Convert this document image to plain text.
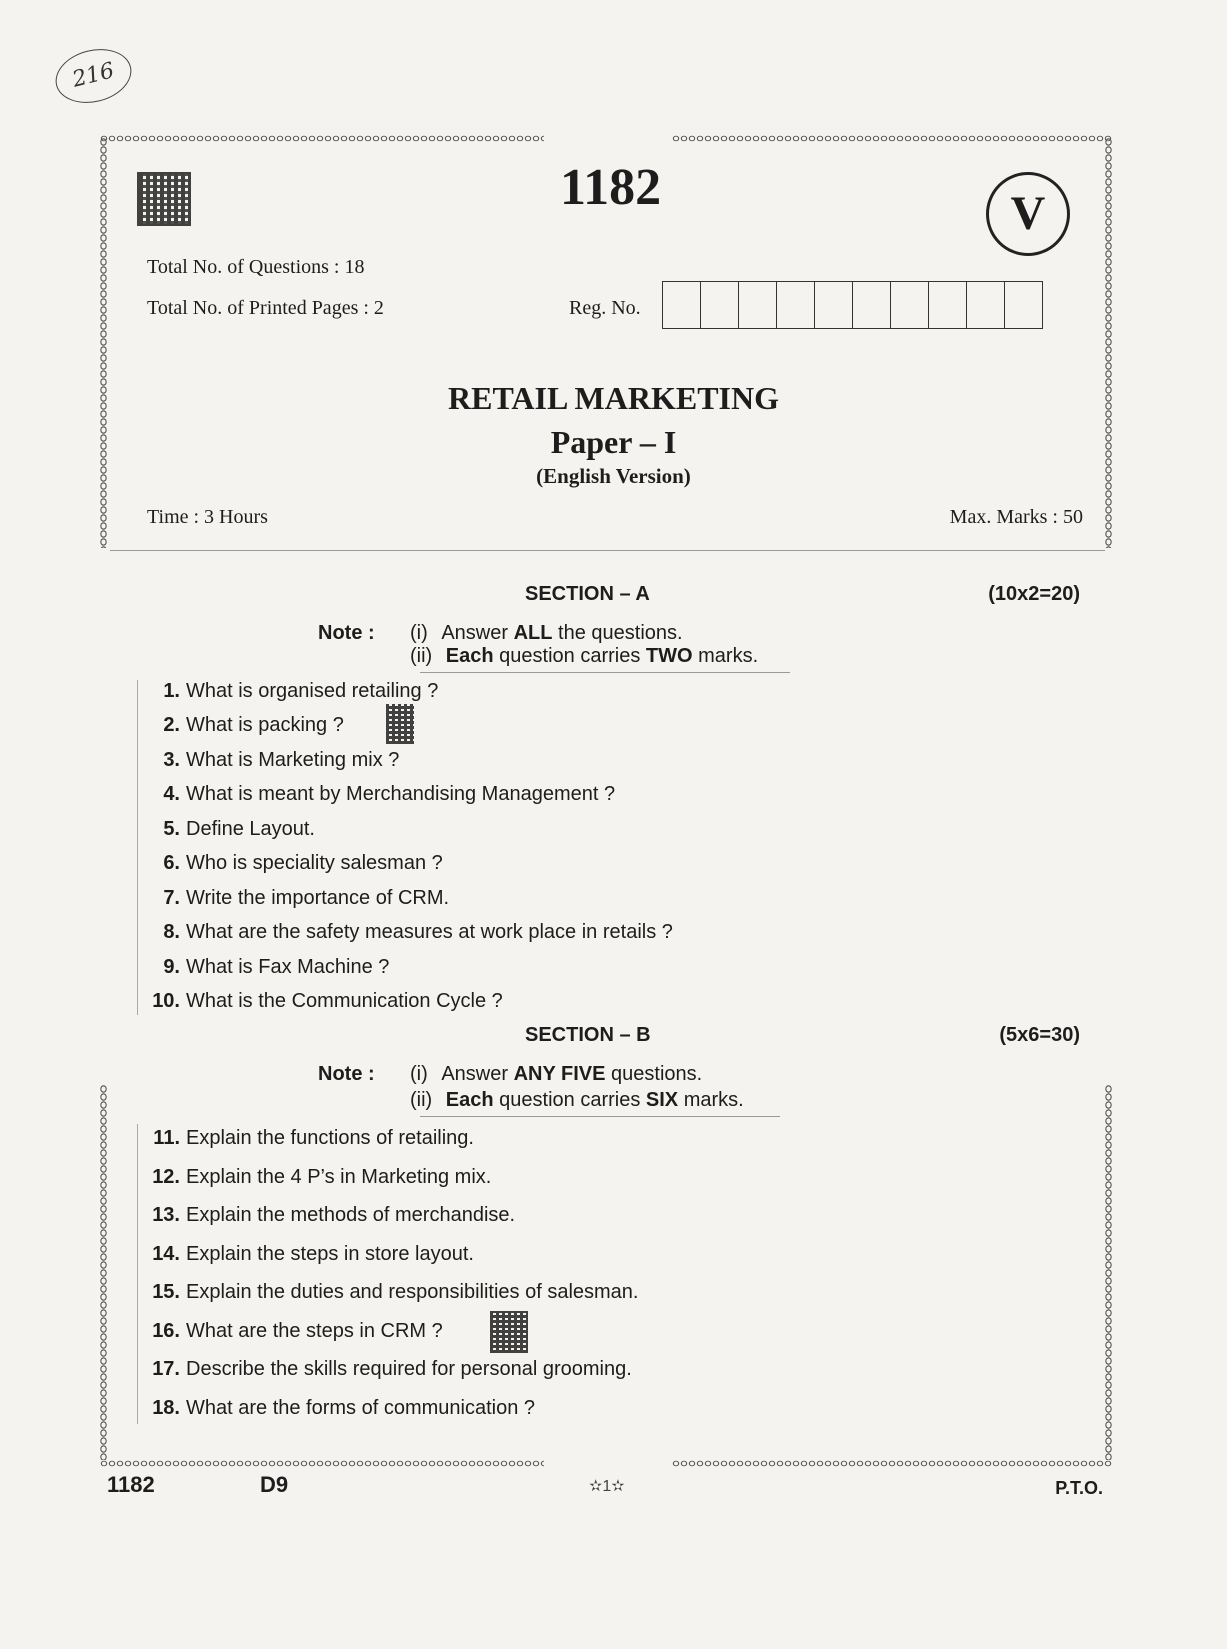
216
1182	V
Total No. of Questions : 18
Total No. of Printed Pages : 2	Reg. No.
RETAIL MARKETING
Paper – I
(English Version)
Time : 3 Hours	Max. Marks : 50
SECTION – A	(10x2=20)
Note : (i) Answer ALL the questions.
(ii) Each question carries TWO marks.
1. What is organised retailing ?
2. What is packing ?
3. What is Marketing mix ?
4. What is meant by Merchandising Management ?
5. Define Layout.
6. Who is speciality salesman ?
7. Write the importance of CRM.
8. What are the safety measures at work place in retails ?
9. What is Fax Machine ?
10. What is the Communication Cycle ?
SECTION – B	(5x6=30)
Note : (i) Answer ANY FIVE questions.
(ii) Each question carries SIX marks.
11. Explain the functions of retailing.
12. Explain the 4 P’s in Marketing mix.
13. Explain the methods of merchandise.
14. Explain the steps in store layout.
15. Explain the duties and responsibilities of salesman.
16. What are the steps in CRM ?
17. Describe the skills required for personal grooming.
18. What are the forms of communication ?
1182	D9	✫1✫	P.T.O.
